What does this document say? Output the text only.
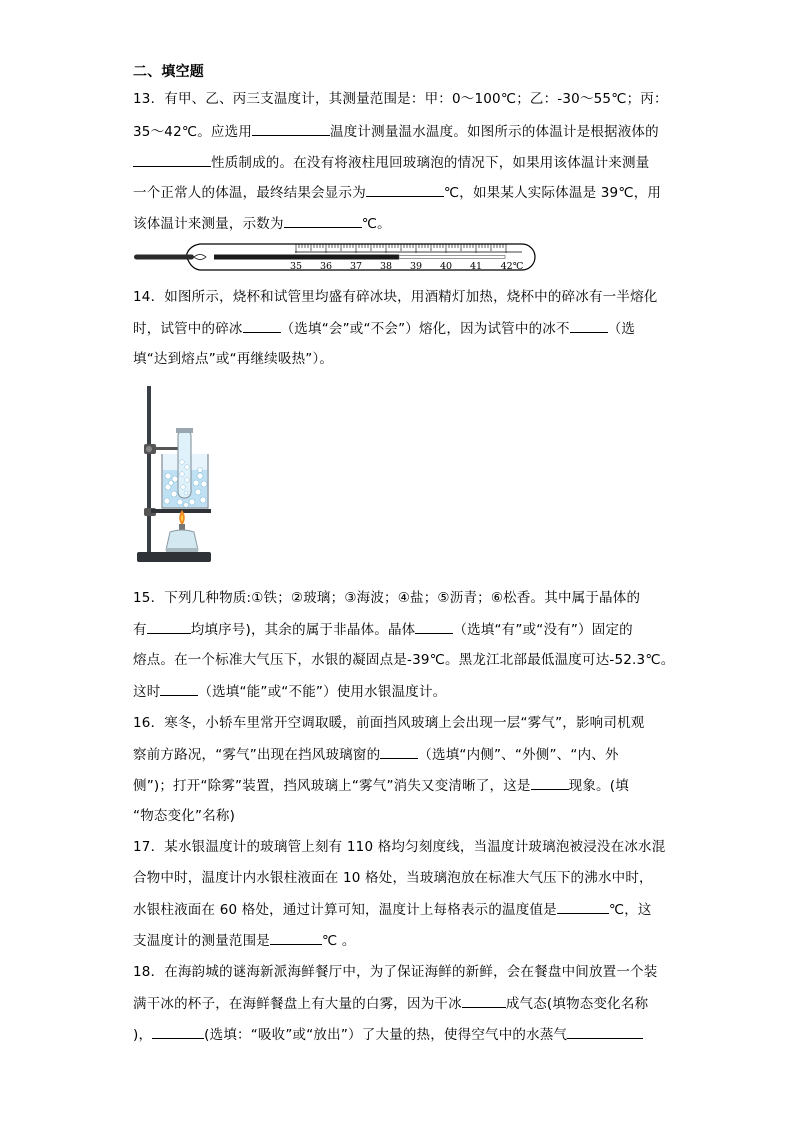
二、填空题
13．有甲、乙、丙三支温度计，其测量范围是：甲：0～100℃；乙：-30～55℃；丙：
35～42℃。应选用	温度计测量温水温度。如图所示的体温计是根据液体的
性质制成的。在没有将液柱甩回玻璃泡的情况下，如果用该体温计来测量
一个正常人的体温，最终结果会显示为	℃，如果某人实际体温是 39℃，用
该体温计来测量，示数为	℃。
35 36 37 38 39 40 41 42℃
14．如图所示，烧杯和试管里均盛有碎冰块，用酒精灯加热，烧杯中的碎冰有一半熔化
时，试管中的碎冰	（选填“会”或“不会”）熔化，因为试管中的冰不	（选
填“达到熔点”或“再继续吸热”）。
15．下列几种物质:①铁；②玻璃；③海波；④盐；⑤沥青；⑥松香。其中属于晶体的
有	均填序号)，其余的属于非晶体。晶体	（选填“有”或“没有”）固定的
熔点。在一个标准大气压下，水银的凝固点是-39℃。黑龙江北部最低温度可达-52.3℃。
这时	（选填“能”或“不能”）使用水银温度计。
16．寒冬，小轿车里常开空调取暖，前面挡风玻璃上会出现一层“雾气”，影响司机观
察前方路况，“雾气”出现在挡风玻璃窗的	（选填“内侧”、“外侧”、“内、外
侧”)；打开“除雾”装置，挡风玻璃上“雾气”消失又变清晰了，这是	现象。(填
“物态变化”名称)
17．某水银温度计的玻璃管上刻有 110 格均匀刻度线，当温度计玻璃泡被浸没在冰水混
合物中时，温度计内水银柱液面在 10 格处，当玻璃泡放在标准大气压下的沸水中时，
水银柱液面在 60 格处，通过计算可知，温度计上每格表示的温度值是	℃，这
支温度计的测量范围是	℃ 。
18．在海韵城的谜海新派海鲜餐厅中，为了保证海鲜的新鲜，会在餐盘中间放置一个装
满干冰的杯子，在海鲜餐盘上有大量的白雾，因为干冰	成气态(填物态变化名称
)，	(选填：“吸收”或“放出”）了大量的热，使得空气中的水蒸气
